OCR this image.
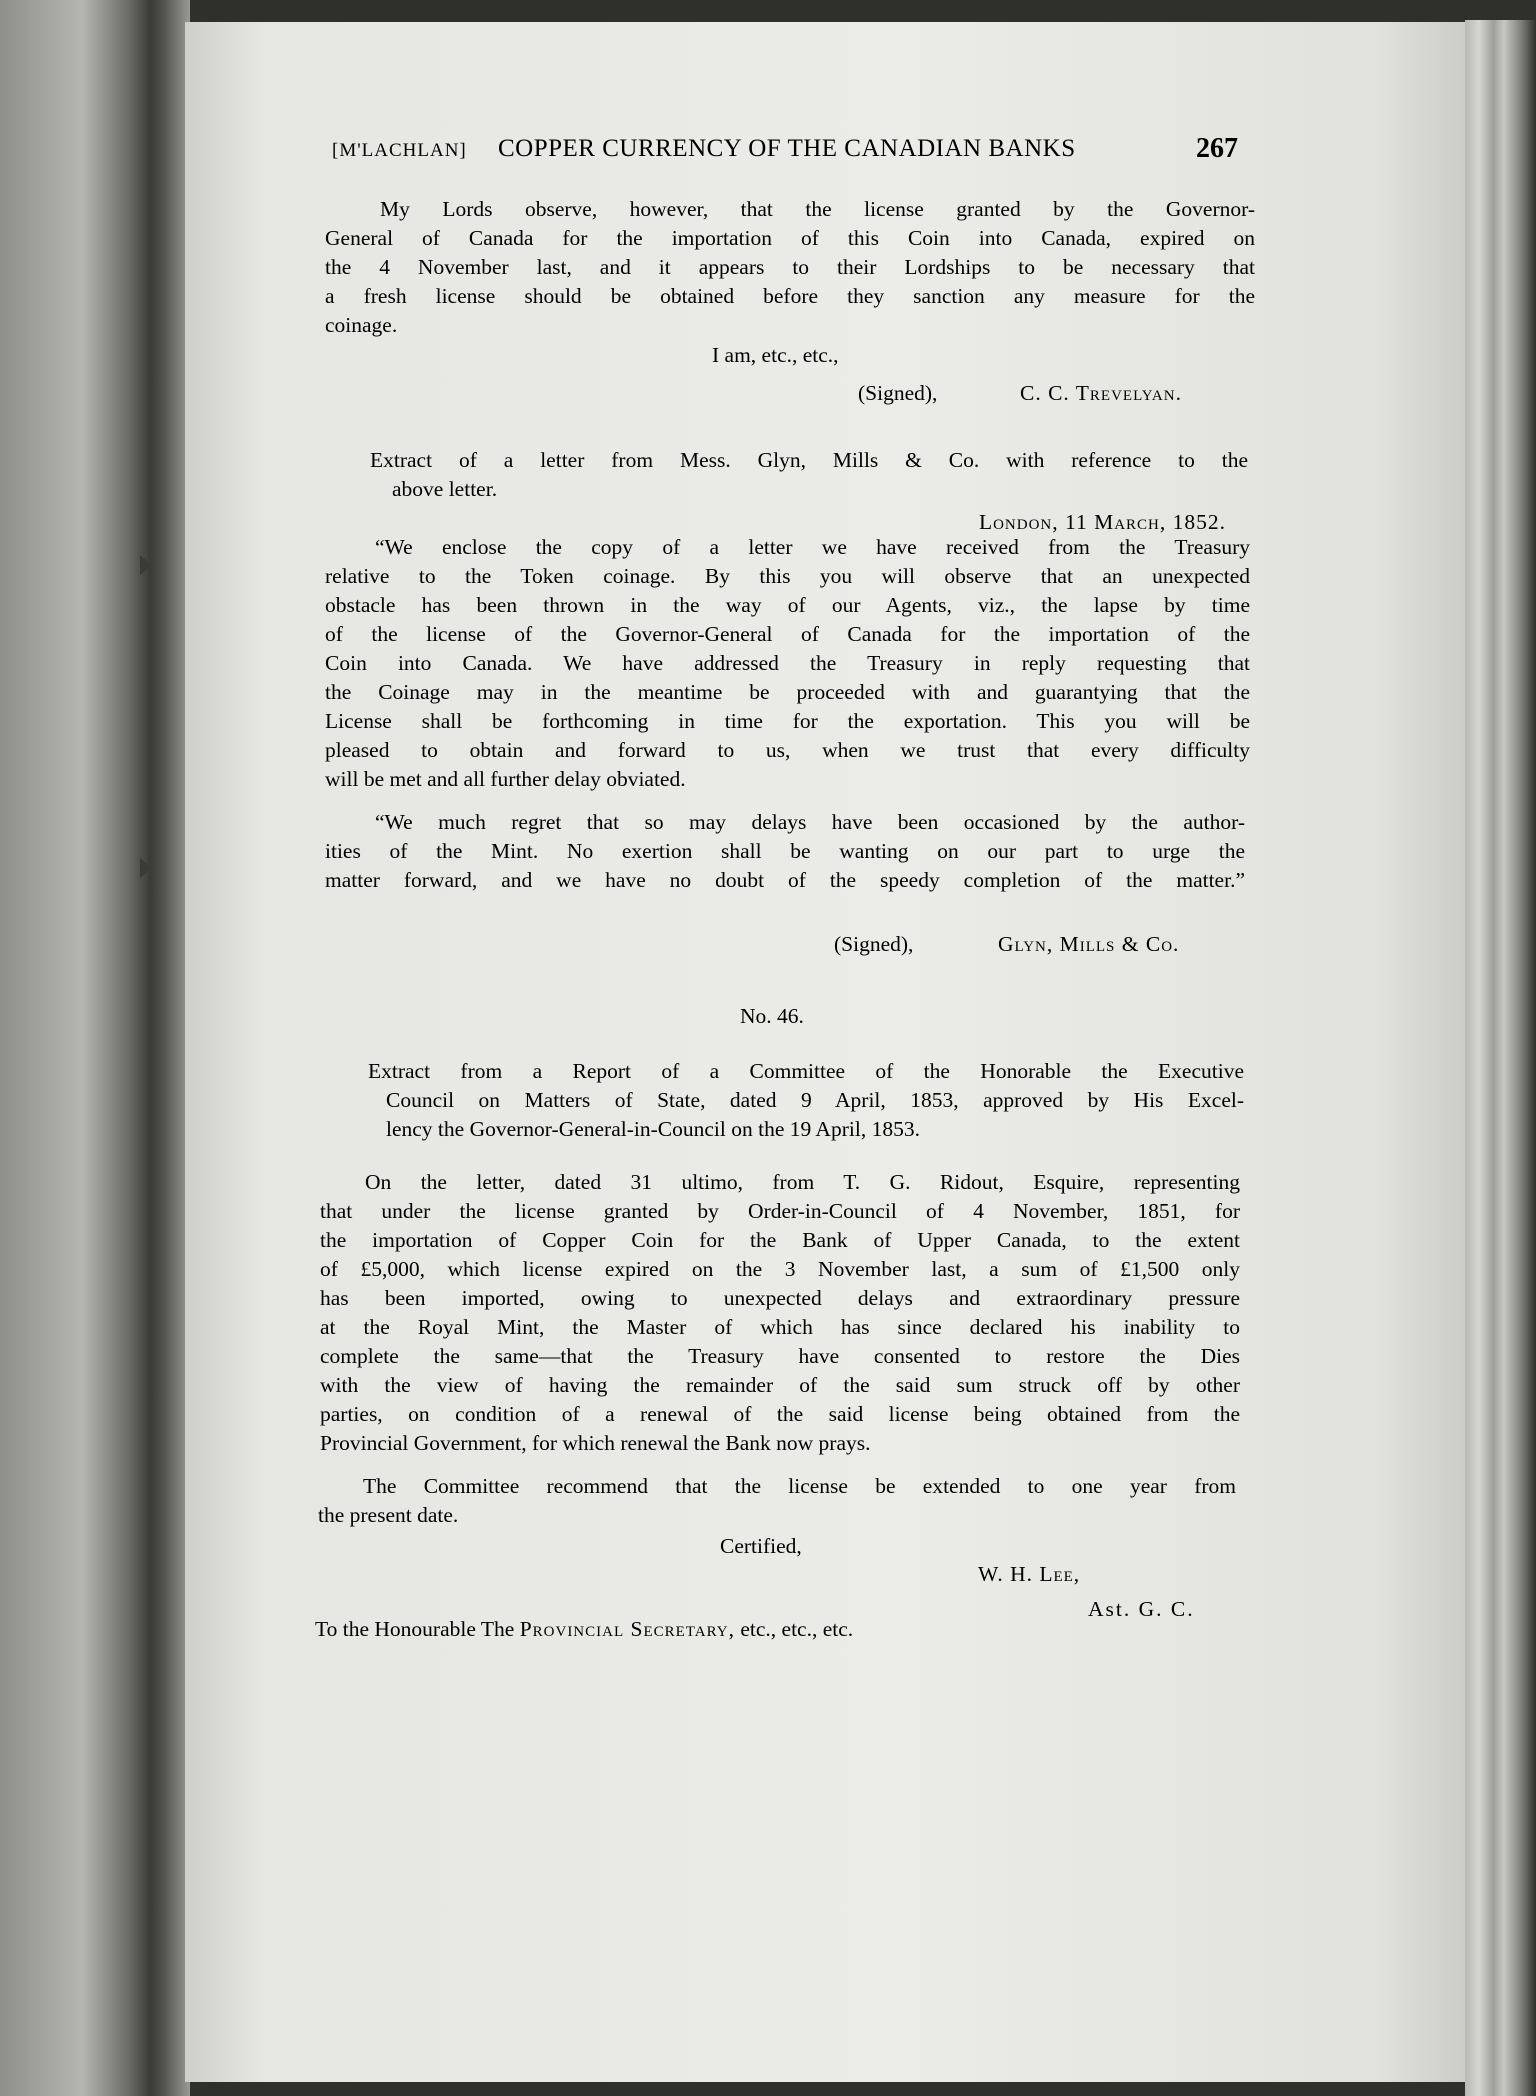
[M'LACHLAN] COPPER CURRENCY OF THE CANADIAN BANKS	267
My Lords observe, however, that the license granted by the Governor-
General of Canada for the importation of this Coin into Canada, expired on
the 4 November last, and it appears to their Lordships to be necessary that
a fresh license should be obtained before they sanction any measure for the
coinage.
I am, etc., etc.,
(Signed),	C. C. Trevelyan.
Extract of a letter from Mess. Glyn, Mills & Co. with reference to the
above letter.
London, 11 March, 1852.
“We enclose the copy of a letter we have received from the Treasury
relative to the Token coinage. By this you will observe that an unexpected
obstacle has been thrown in the way of our Agents, viz., the lapse by time
of the license of the Governor-General of Canada for the importation of the
Coin into Canada. We have addressed the Treasury in reply requesting that
the Coinage may in the meantime be proceeded with and guarantying that the
License shall be forthcoming in time for the exportation. This you will be
pleased to obtain and forward to us, when we trust that every difficulty
will be met and all further delay obviated.
“We much regret that so may delays have been occasioned by the author-
ities of the Mint. No exertion shall be wanting on our part to urge the
matter forward, and we have no doubt of the speedy completion of the matter.”
(Signed),	Glyn, Mills & Co.
No. 46.
Extract from a Report of a Committee of the Honorable the Executive
Council on Matters of State, dated 9 April, 1853, approved by His Excel-
lency the Governor-General-in-Council on the 19 April, 1853.
On the letter, dated 31 ultimo, from T. G. Ridout, Esquire, representing
that under the license granted by Order-in-Council of 4 November, 1851, for
the importation of Copper Coin for the Bank of Upper Canada, to the extent
of £5,000, which license expired on the 3 November last, a sum of £1,500 only
has been imported, owing to unexpected delays and extraordinary pressure
at the Royal Mint, the Master of which has since declared his inability to
complete the same—that the Treasury have consented to restore the Dies
with the view of having the remainder of the said sum struck off by other
parties, on condition of a renewal of the said license being obtained from the
Provincial Government, for which renewal the Bank now prays.
The Committee recommend that the license be extended to one year from
the present date.
Certified,
W. H. Lee,
Ast. G. C.
To the Honourable The Provincial Secretary, etc., etc., etc.
